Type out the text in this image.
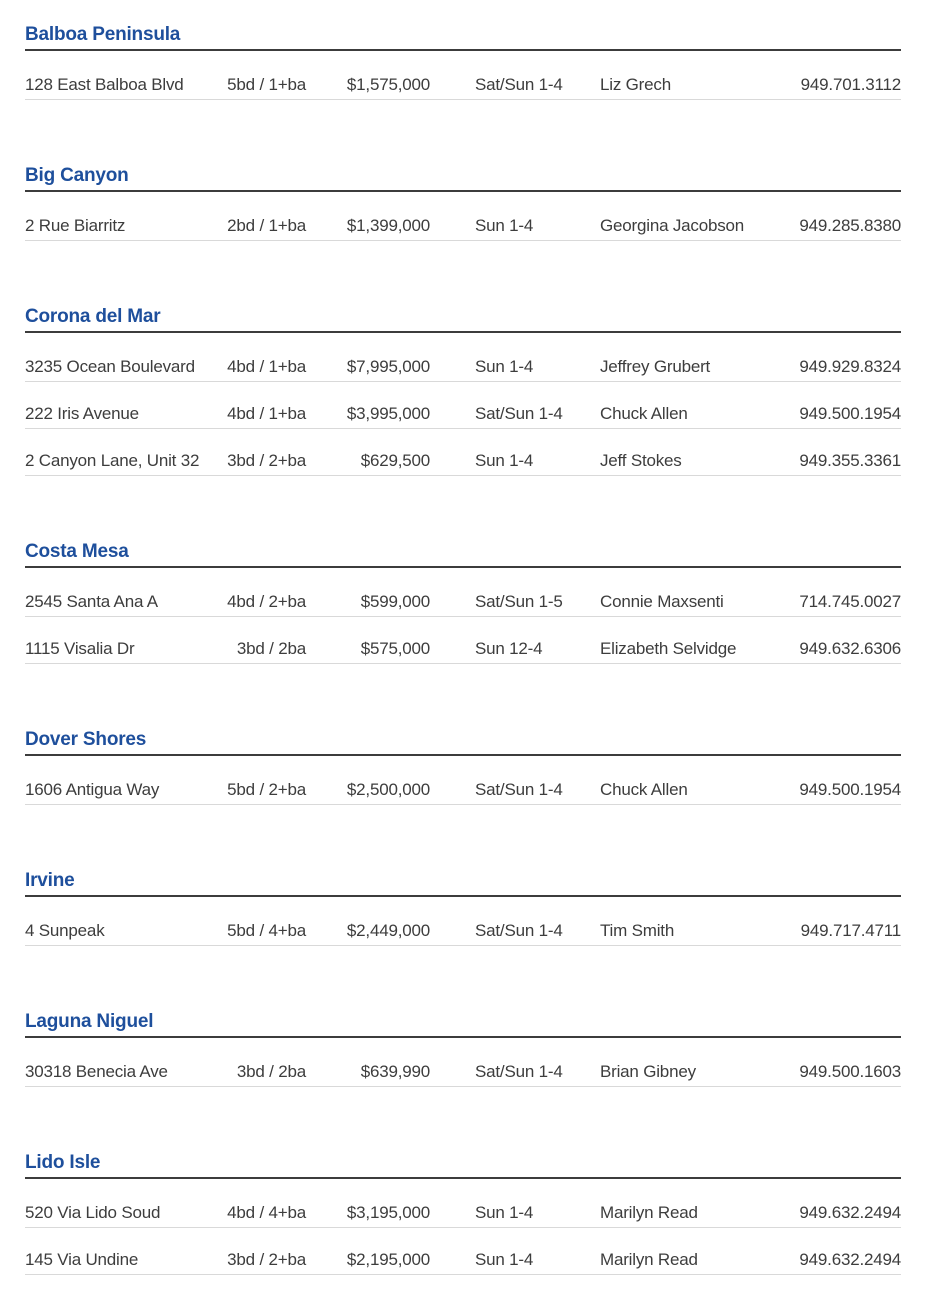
Balboa Peninsula
128 East Balboa Blvd	5bd / 1+ba	$1,575,000	Sat/Sun 1-4	Liz Grech	949.701.3112
Big Canyon
2 Rue Biarritz	2bd / 1+ba	$1,399,000	Sun 1-4	Georgina Jacobson	949.285.8380
Corona del Mar
3235 Ocean Boulevard	4bd / 1+ba	$7,995,000	Sun 1-4	Jeffrey Grubert	949.929.8324
222 Iris Avenue	4bd / 1+ba	$3,995,000	Sat/Sun 1-4	Chuck Allen	949.500.1954
2 Canyon Lane, Unit 32	3bd / 2+ba	$629,500	Sun 1-4	Jeff Stokes	949.355.3361
Costa Mesa
2545 Santa Ana A	4bd / 2+ba	$599,000	Sat/Sun 1-5	Connie Maxsenti	714.745.0027
1115 Visalia Dr	3bd / 2ba	$575,000	Sun 12-4	Elizabeth Selvidge	949.632.6306
Dover Shores
1606 Antigua Way	5bd / 2+ba	$2,500,000	Sat/Sun 1-4	Chuck Allen	949.500.1954
Irvine
4 Sunpeak	5bd / 4+ba	$2,449,000	Sat/Sun 1-4	Tim Smith	949.717.4711
Laguna Niguel
30318 Benecia Ave	3bd / 2ba	$639,990	Sat/Sun 1-4	Brian Gibney	949.500.1603
Lido Isle
520 Via Lido Soud	4bd / 4+ba	$3,195,000	Sun 1-4	Marilyn Read	949.632.2494
145 Via Undine	3bd / 2+ba	$2,195,000	Sun 1-4	Marilyn Read	949.632.2494
